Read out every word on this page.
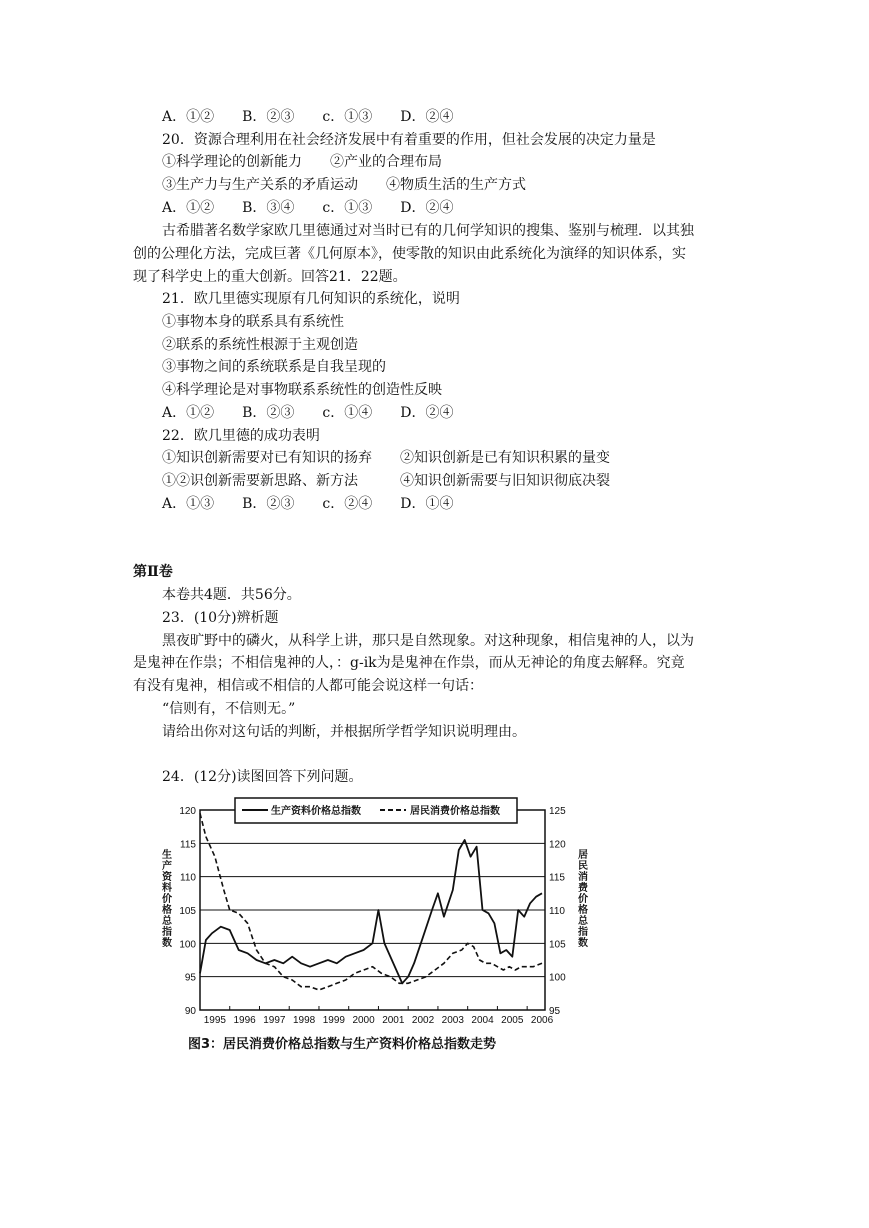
A．①②　　B．②③　　c．①③　　D．②④
20．资源合理利用在社会经济发展中有着重要的作用，但社会发展的决定力量是
①科学理论的创新能力　　②产业的合理布局
③生产力与生产关系的矛盾运动　　④物质生活的生产方式
A．①②　　B．③④　　c．①③　　D．②④
古希腊著名数学家欧几里德通过对当时已有的几何学知识的搜集、鉴别与梳理．以其独
创的公理化方法，完成巨著《几何原本》，使零散的知识由此系统化为演绎的知识体系，实
现了科学史上的重大创新。回答21．22题。
21．欧几里德实现原有几何知识的系统化，说明
①事物本身的联系具有系统性
②联系的系统性根源于主观创造
③事物之间的系统联系是自我呈现的
④科学理论是对事物联系系统性的创造性反映
A．①②　　B．②③　　c．①④　　D．②④
22．欧几里德的成功表明
①知识创新需要对已有知识的扬弃　　②知识创新是已有知识积累的量变
①②识创新需要新思路、新方法　　　④知识创新需要与旧知识彻底决裂
A．①③　　B．②③　　c．②④　　D．①④
第Ⅱ卷
本卷共4题．共56分。
23．(10分)辨析题
黑夜旷野中的磷火，从科学上讲，那只是自然现象。对这种现象，相信鬼神的人，以为
是鬼神在作祟；不相信鬼神的人，：g-ik为是鬼神在作祟，而从无神论的角度去解释。究竟
有没有鬼神，相信或不相信的人都可能会说这样一句话：
“信则有，不信则无。”
请给出你对这句话的判断，并根据所学哲学知识说明理由。
24．(12分)读图回答下列问题。
90
95
100
105
110
115
120
95
100
105
110
115
120
125
1995 1996 1997 1998 1999 2000 2001 2002 2003 2004 2005 2006
生产资料价格总指数	居民消费价格总指数
生
产
资
料
价
格
总
指
数
居
民
消
费
价
格
总
指
数
图3：居民消费价格总指数与生产资料价格总指数走势
